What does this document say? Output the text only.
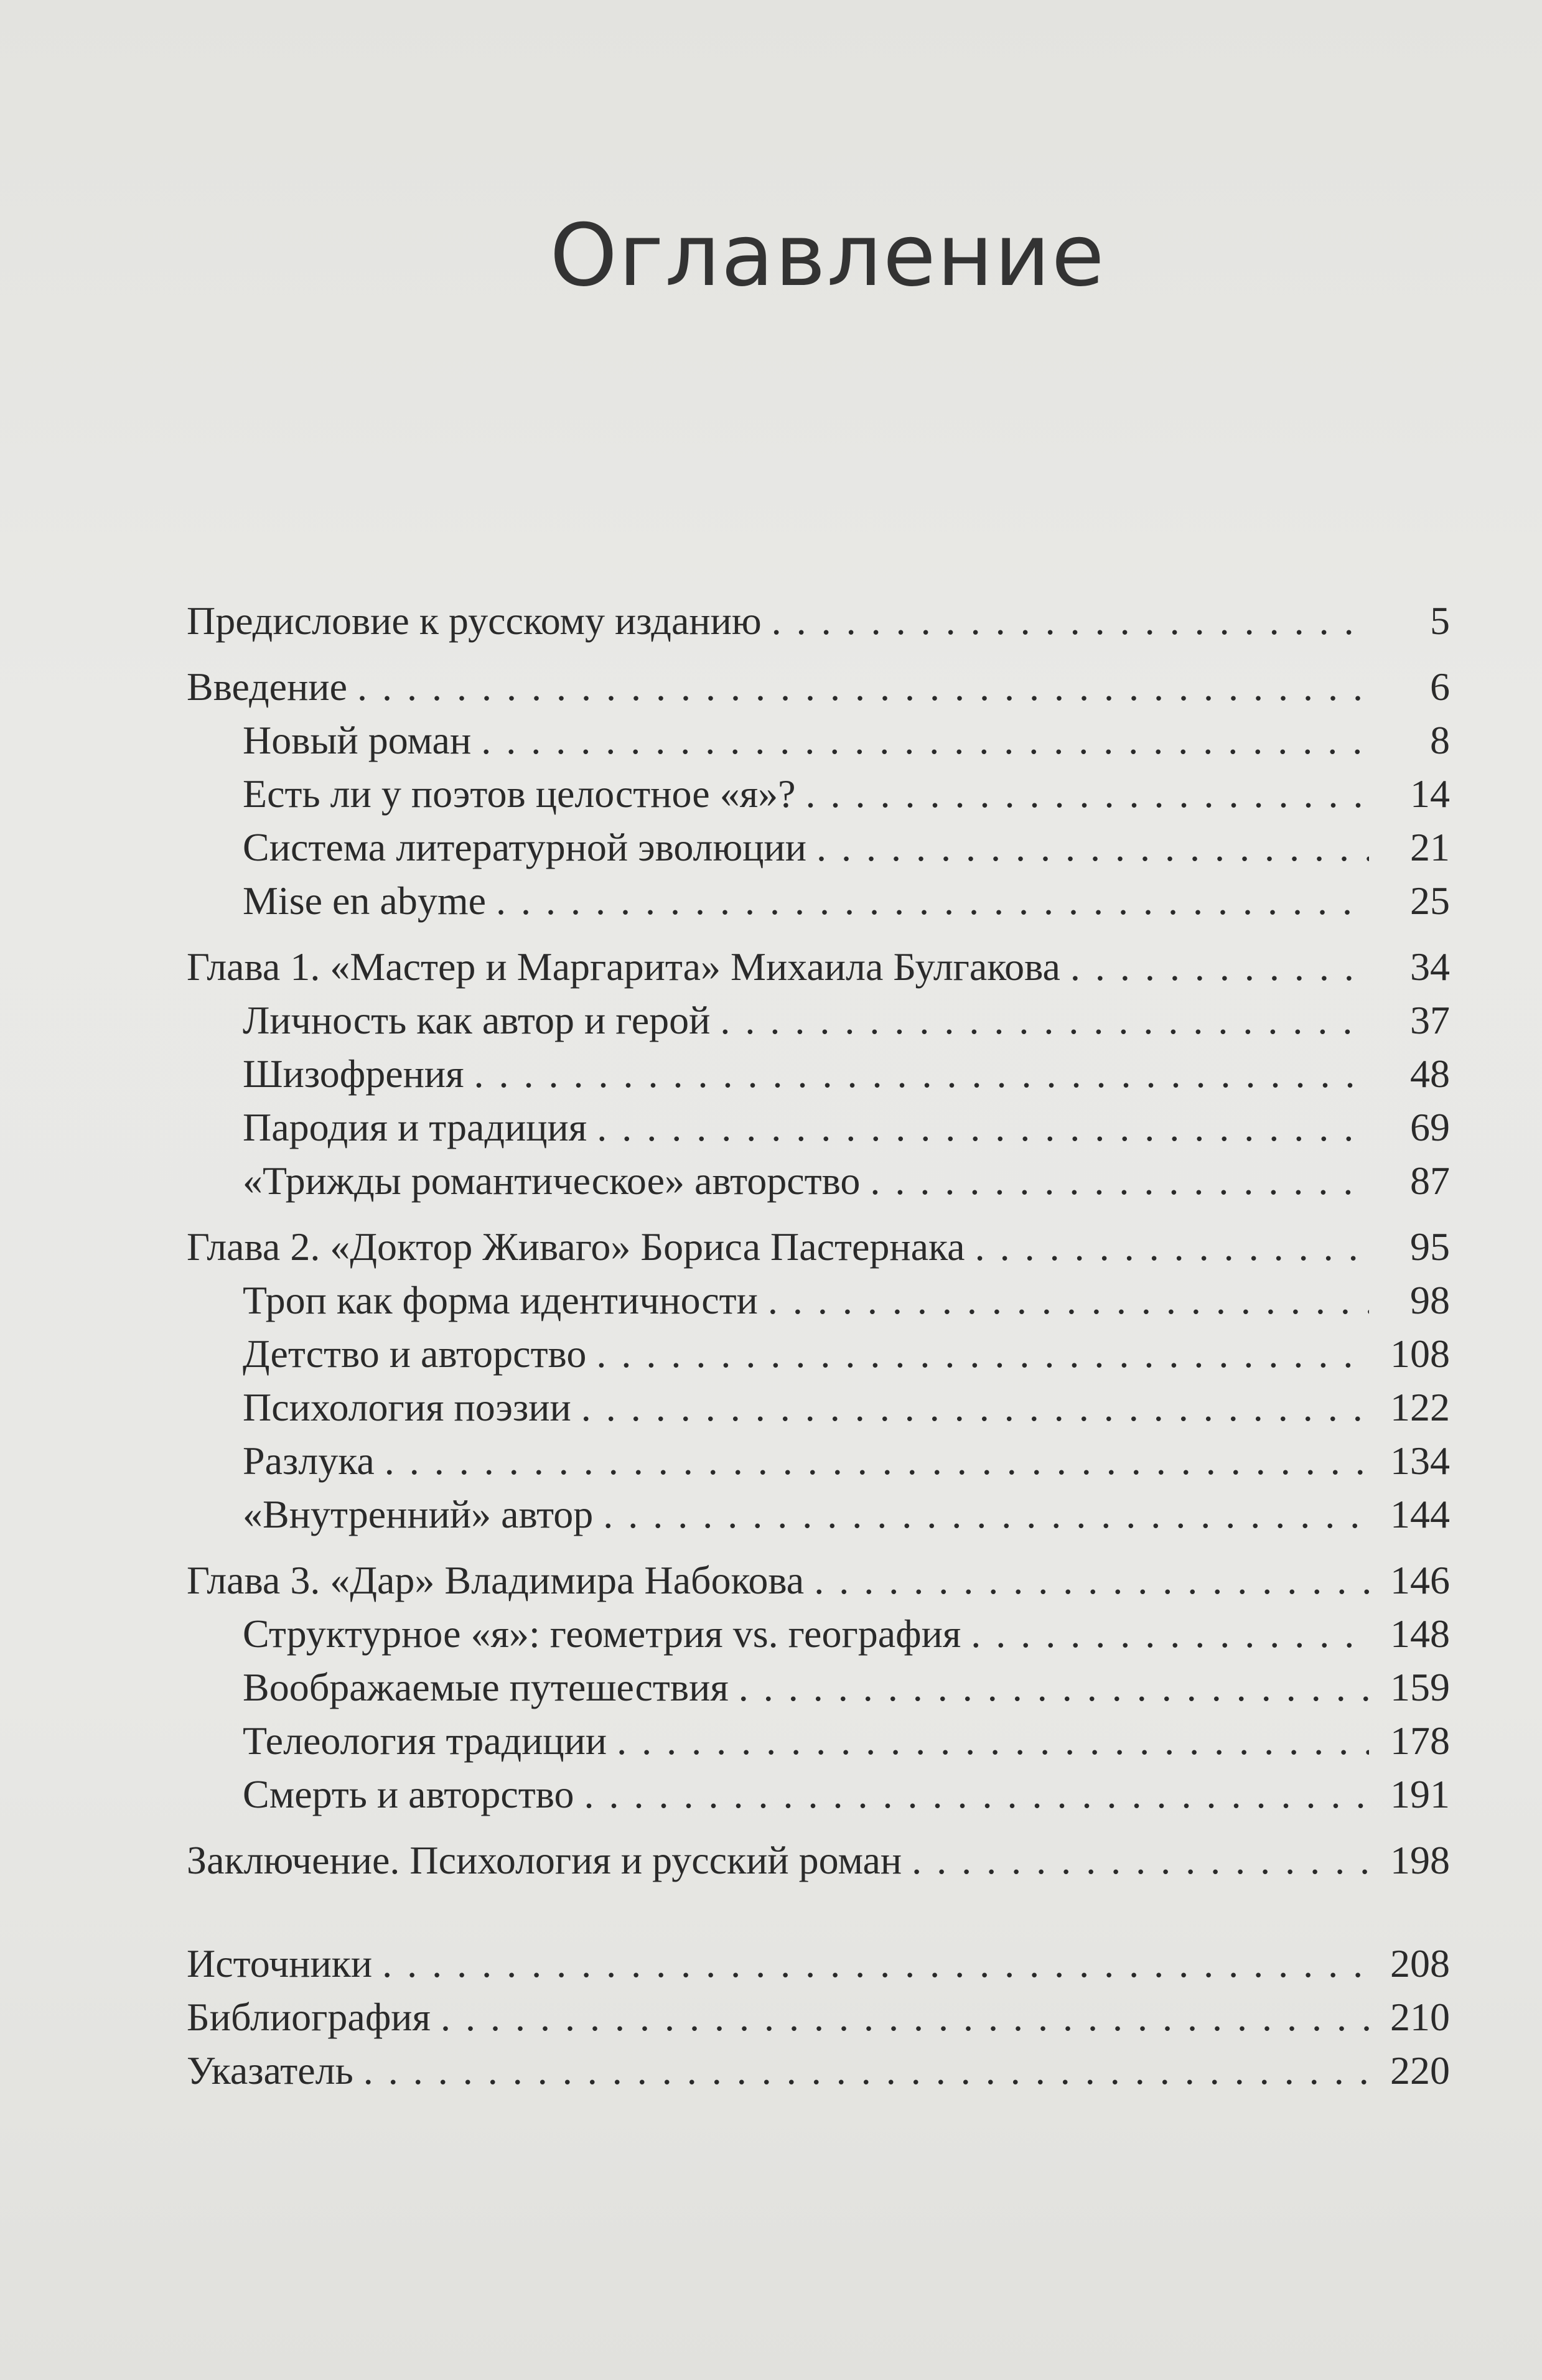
Оглавление
Предисловие к русскому изданию . . .	5
Введение . . .	6
Новый роман . . .	8
Есть ли у поэтов целостное «я»? . . .	14
Система литературной эволюции . . .	21
Mise en abyme . . .	25
Глава 1. «Мастер и Маргарита» Михаила Булгакова . . .	34
Личность как автор и герой . . .	37
Шизофрения . . .	48
Пародия и традиция . . .	69
«Трижды романтическое» авторство . . .	87
Глава 2. «Доктор Живаго» Бориса Пастернака . . .	95
Троп как форма идентичности . . .	98
Детство и авторство . . .	108
Психология поэзии . . .	122
Разлука . . .	134
«Внутренний» автор . . .	144
Глава 3. «Дар» Владимира Набокова . . .	146
Структурное «я»: геометрия vs. география . . .	148
Воображаемые путешествия . . .	159
Телеология традиции . . .	178
Смерть и авторство . . .	191
Заключение. Психология и русский роман . . .	198
Источники . . .	208
Библиография . . .	210
Указатель . . .	220
